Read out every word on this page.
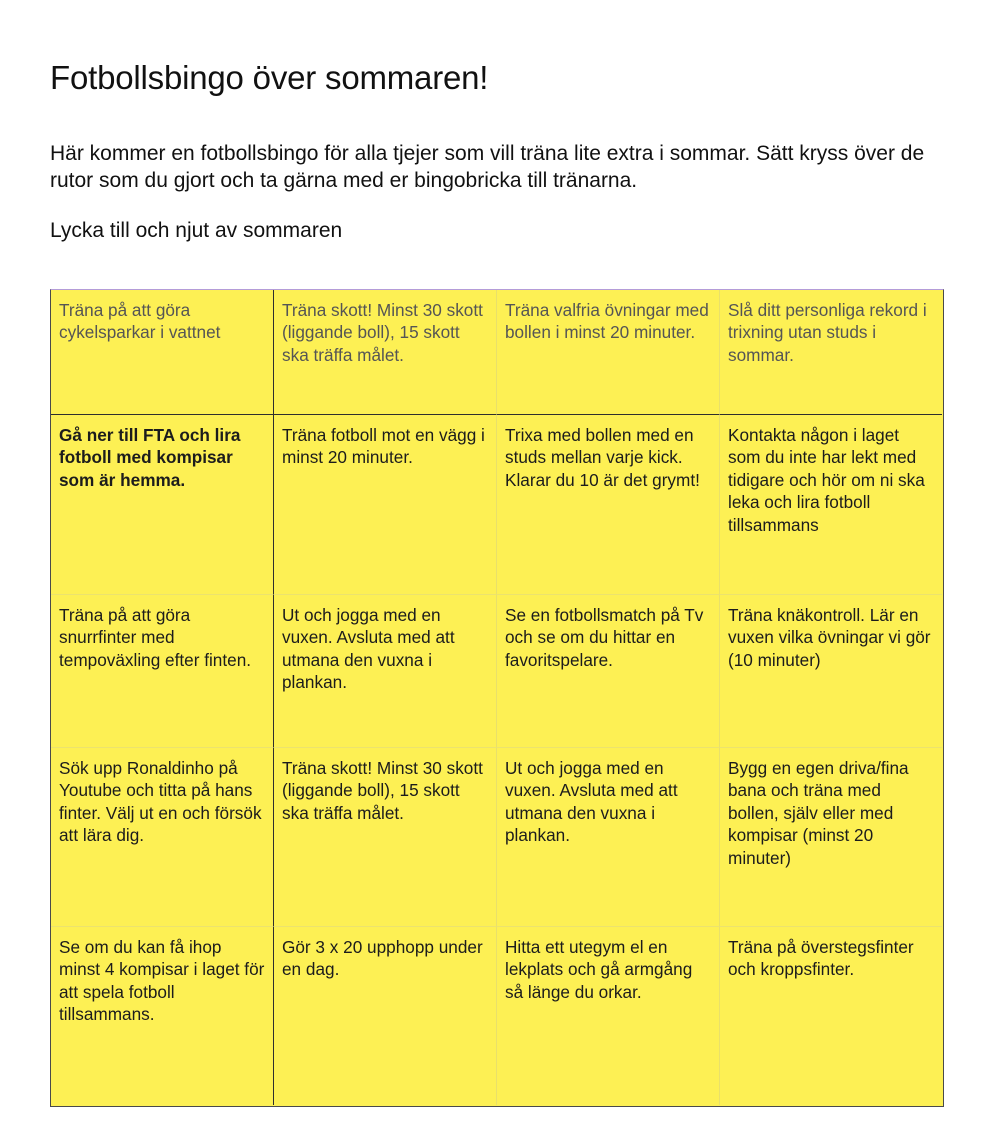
Fotbollsbingo över sommaren!

Här kommer en fotbollsbingo för alla tjejer som vill träna lite extra i sommar. Sätt kryss över de rutor som du gjort och ta gärna med er bingobricka till tränarna.

Lycka till och njut av sommaren

Träna på att göra cykelsparkar i vattnet
Träna skott! Minst 30 skott (liggande boll), 15 skott ska träffa målet.
Träna valfria övningar med bollen i minst 20 minuter.
Slå ditt personliga rekord i trixning utan studs i sommar.
Gå ner till FTA och lira fotboll med kompisar som är hemma.
Träna fotboll mot en vägg i minst 20 minuter.
Trixa med bollen med en studs mellan varje kick. Klarar du 10 är det grymt!
Kontakta någon i laget som du inte har lekt med tidigare och hör om ni ska leka och lira fotboll tillsammans
Träna på att göra snurrfinter med tempoväxling efter finten.
Ut och jogga med en vuxen. Avsluta med att utmana den vuxna i plankan.
Se en fotbollsmatch på Tv och se om du hittar en favoritspelare.
Träna knäkontroll. Lär en vuxen vilka övningar vi gör (10 minuter)
Sök upp Ronaldinho på Youtube och titta på hans finter. Välj ut en och försök att lära dig.
Träna skott! Minst 30 skott (liggande boll), 15 skott ska träffa målet.
Ut och jogga med en vuxen. Avsluta med att utmana den vuxna i plankan.
Bygg en egen driva/fina bana och träna med bollen, själv eller med kompisar (minst 20 minuter)
Se om du kan få ihop minst 4 kompisar i laget för att spela fotboll tillsammans.
Gör 3 x 20 upphopp under en dag.
Hitta ett utegym el en lekplats och gå armgång så länge du orkar.
Träna på överstegsfinter och kroppsfinter.
